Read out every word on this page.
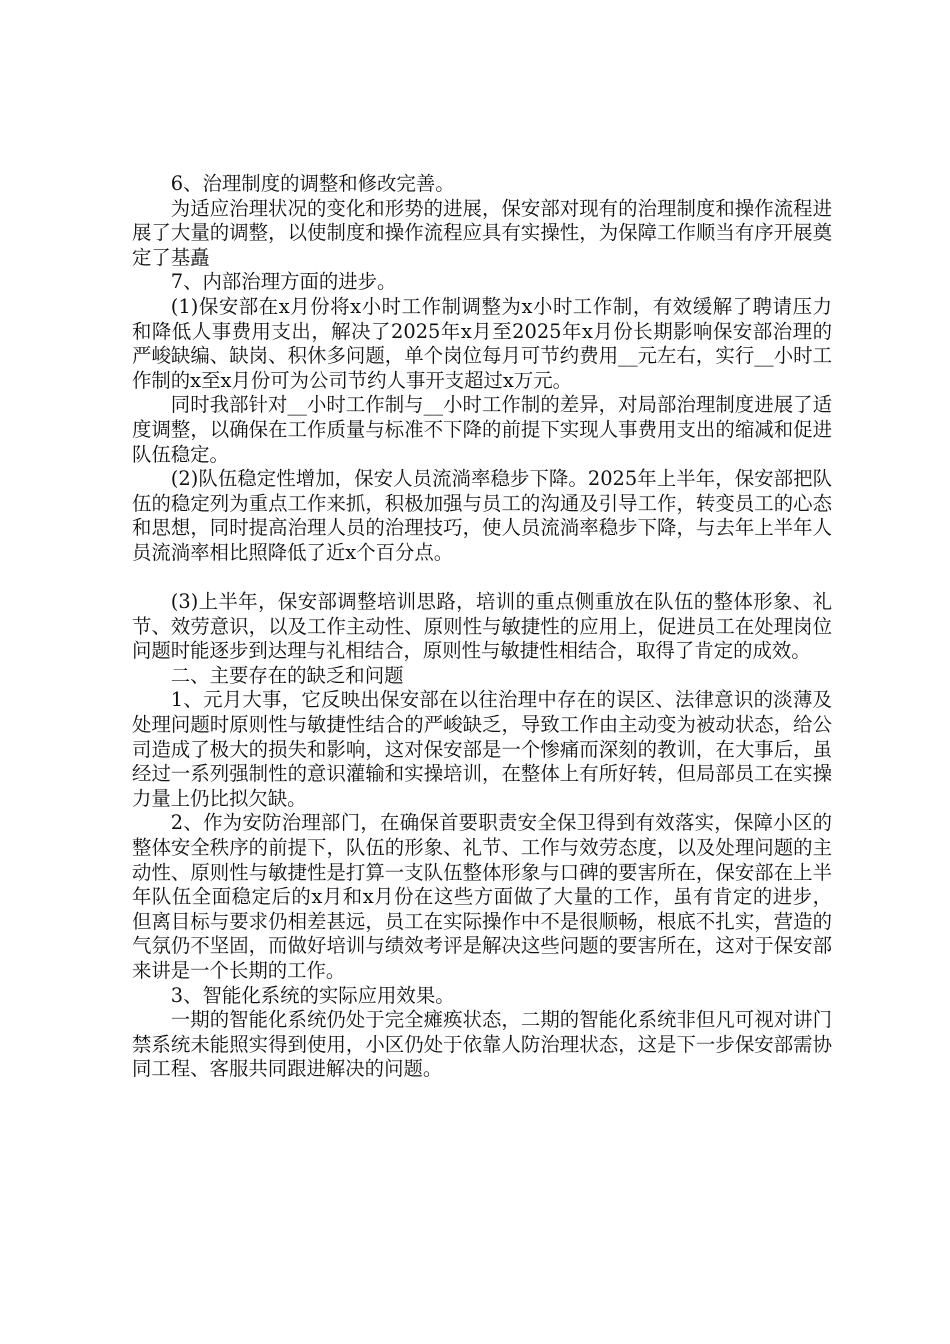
6、治理制度的调整和修改完善。

为适应治理状况的变化和形势的进展，保安部对现有的治理制度和操作流程进展了大量的调整，以使制度和操作流程应具有实操性，为保障工作顺当有序开展奠定了基矗

7、内部治理方面的进步。

(1)保安部在x月份将x小时工作制调整为x小时工作制，有效缓解了聘请压力和降低人事费用支出，解决了2025年x月至2025年x月份长期影响保安部治理的严峻缺编、缺岗、积休多问题，单个岗位每月可节约费用__元左右，实行__小时工作制的x至x月份可为公司节约人事开支超过x万元。

同时我部针对__小时工作制与__小时工作制的差异，对局部治理制度进展了适度调整，以确保在工作质量与标准不下降的前提下实现人事费用支出的缩减和促进队伍稳定。

(2)队伍稳定性增加，保安人员流淌率稳步下降。2025年上半年，保安部把队伍的稳定列为重点工作来抓，积极加强与员工的沟通及引导工作，转变员工的心态和思想，同时提高治理人员的治理技巧，使人员流淌率稳步下降，与去年上半年人员流淌率相比照降低了近x个百分点。

(3)上半年，保安部调整培训思路，培训的重点侧重放在队伍的整体形象、礼节、效劳意识，以及工作主动性、原则性与敏捷性的应用上，促进员工在处理岗位问题时能逐步到达理与礼相结合，原则性与敏捷性相结合，取得了肯定的成效。

二、主要存在的缺乏和问题

1、元月大事，它反映出保安部在以往治理中存在的误区、法律意识的淡薄及处理问题时原则性与敏捷性结合的严峻缺乏，导致工作由主动变为被动状态，给公司造成了极大的损失和影响，这对保安部是一个惨痛而深刻的教训，在大事后，虽经过一系列强制性的意识灌输和实操培训，在整体上有所好转，但局部员工在实操力量上仍比拟欠缺。

2、作为安防治理部门，在确保首要职责安全保卫得到有效落实，保障小区的整体安全秩序的前提下，队伍的形象、礼节、工作与效劳态度，以及处理问题的主动性、原则性与敏捷性是打算一支队伍整体形象与口碑的要害所在，保安部在上半年队伍全面稳定后的x月和x月份在这些方面做了大量的工作，虽有肯定的进步，但离目标与要求仍相差甚远，员工在实际操作中不是很顺畅，根底不扎实，营造的气氛仍不坚固，而做好培训与绩效考评是解决这些问题的要害所在，这对于保安部来讲是一个长期的工作。

3、智能化系统的实际应用效果。

一期的智能化系统仍处于完全瘫痪状态，二期的智能化系统非但凡可视对讲门禁系统未能照实得到使用，小区仍处于依靠人防治理状态，这是下一步保安部需协同工程、客服共同跟进解决的问题。
